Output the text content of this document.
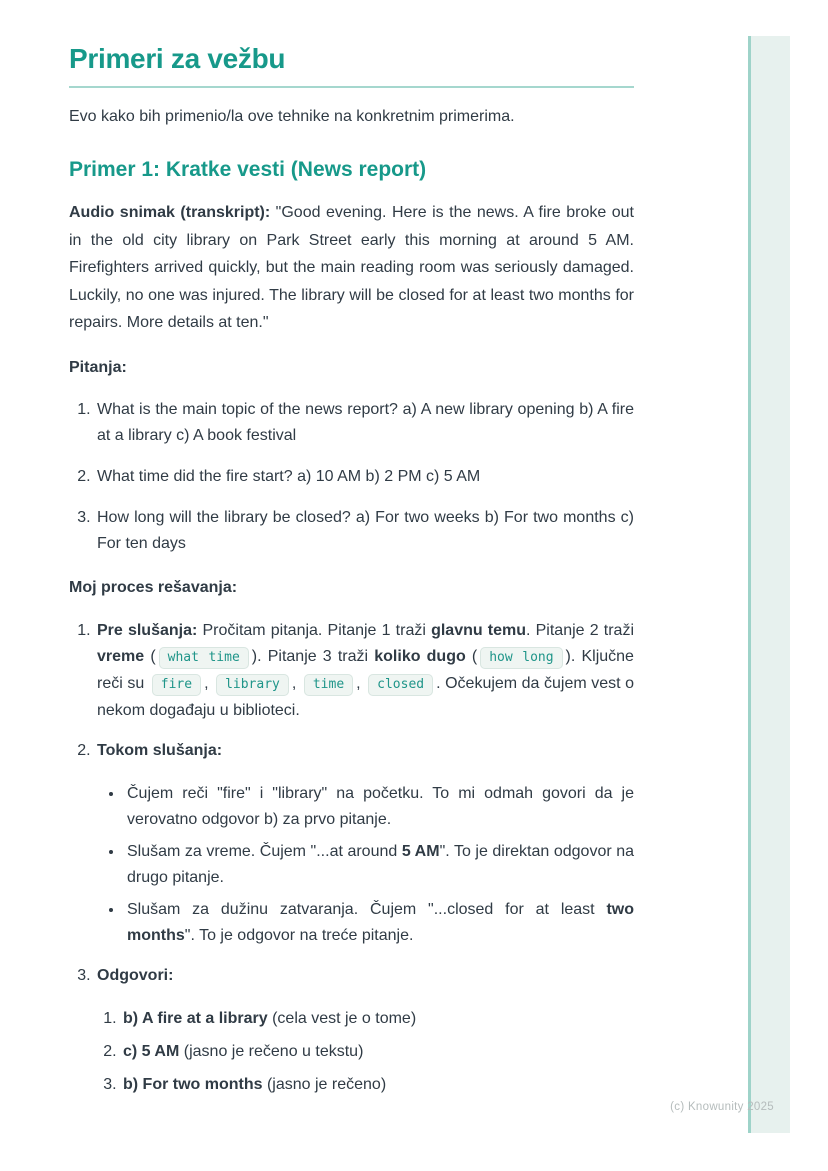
Primeri za vežbu

Evo kako bih primenio/la ove tehnike na konkretnim primerima.

Primer 1: Kratke vesti (News report)

Audio snimak (transkript): "Good evening. Here is the news. A fire broke out in the old city library on Park Street early this morning at around 5 AM. Firefighters arrived quickly, but the main reading room was seriously damaged. Luckily, no one was injured. The library will be closed for at least two months for repairs. More details at ten."

Pitanja:

1. What is the main topic of the news report? a) A new library opening b) A fire at a library c) A book festival
2. What time did the fire start? a) 10 AM b) 2 PM c) 5 AM
3. How long will the library be closed? a) For two weeks b) For two months c) For ten days

Moj proces rešavanja:

1. Pre slušanja: Pročitam pitanja. Pitanje 1 traži glavnu temu. Pitanje 2 traži vreme ( what time ). Pitanje 3 traži koliko dugo ( how long ). Ključne reči su fire , library , time , closed . Očekujem da čujem vest o nekom događaju u biblioteci.
2. Tokom slušanja:
• Čujem reči "fire" i "library" na početku. To mi odmah govori da je verovatno odgovor b) za prvo pitanje.
• Slušam za vreme. Čujem "...at around 5 AM". To je direktan odgovor na drugo pitanje.
• Slušam za dužinu zatvaranja. Čujem "...closed for at least two months". To je odgovor na treće pitanje.
3. Odgovori:
1. b) A fire at a library (cela vest je o tome)
2. c) 5 AM (jasno je rečeno u tekstu)
3. b) For two months (jasno je rečeno)
(c) Knowunity 2025
